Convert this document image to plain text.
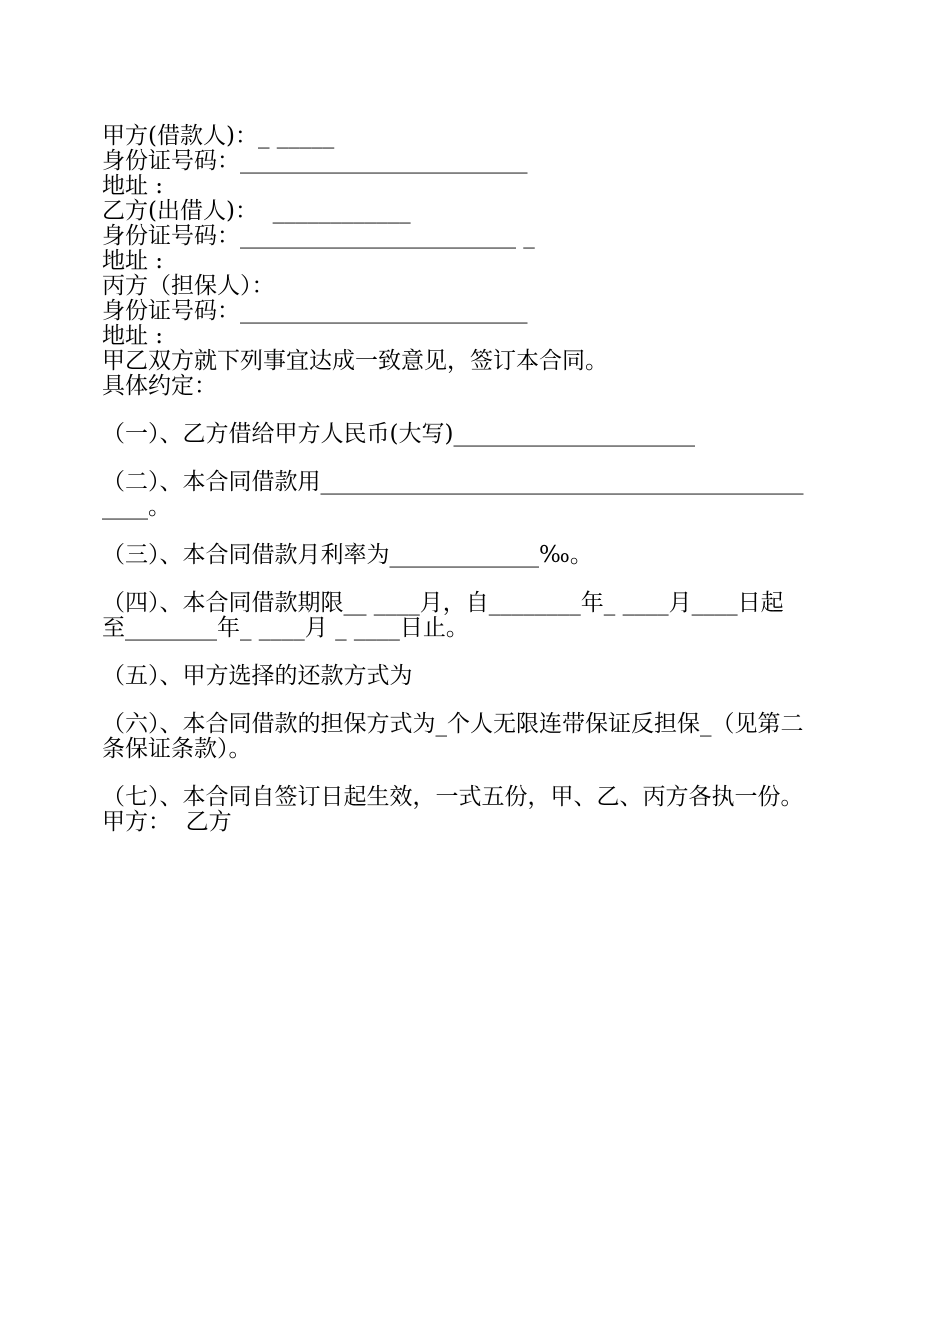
甲方(借款人)：_ _____
身份证号码：_________________________
地址 :
乙方(出借人)：  ____________
身份证号码：________________________ _
地址 :
丙方（担保人）：
身份证号码：_________________________
地址 :
甲乙双方就下列事宜达成一致意见，签订本合同。
具体约定：
（一）、乙方借给甲方人民币(大写)_____________________
（二）、本合同借款用__________________________________________
____。
（三）、本合同借款月利率为_____________‰。
（四）、本合同借款期限__ ____月，自________年_ ____月____日起
至________年_ ____月 _ ____日止。
（五）、甲方选择的还款方式为
（六）、本合同借款的担保方式为_个人无限连带保证反担保_（见第二
条保证条款）。
（七）、本合同自签订日起生效，一式五份，甲、乙、丙方各执一份。
甲方：  乙方
